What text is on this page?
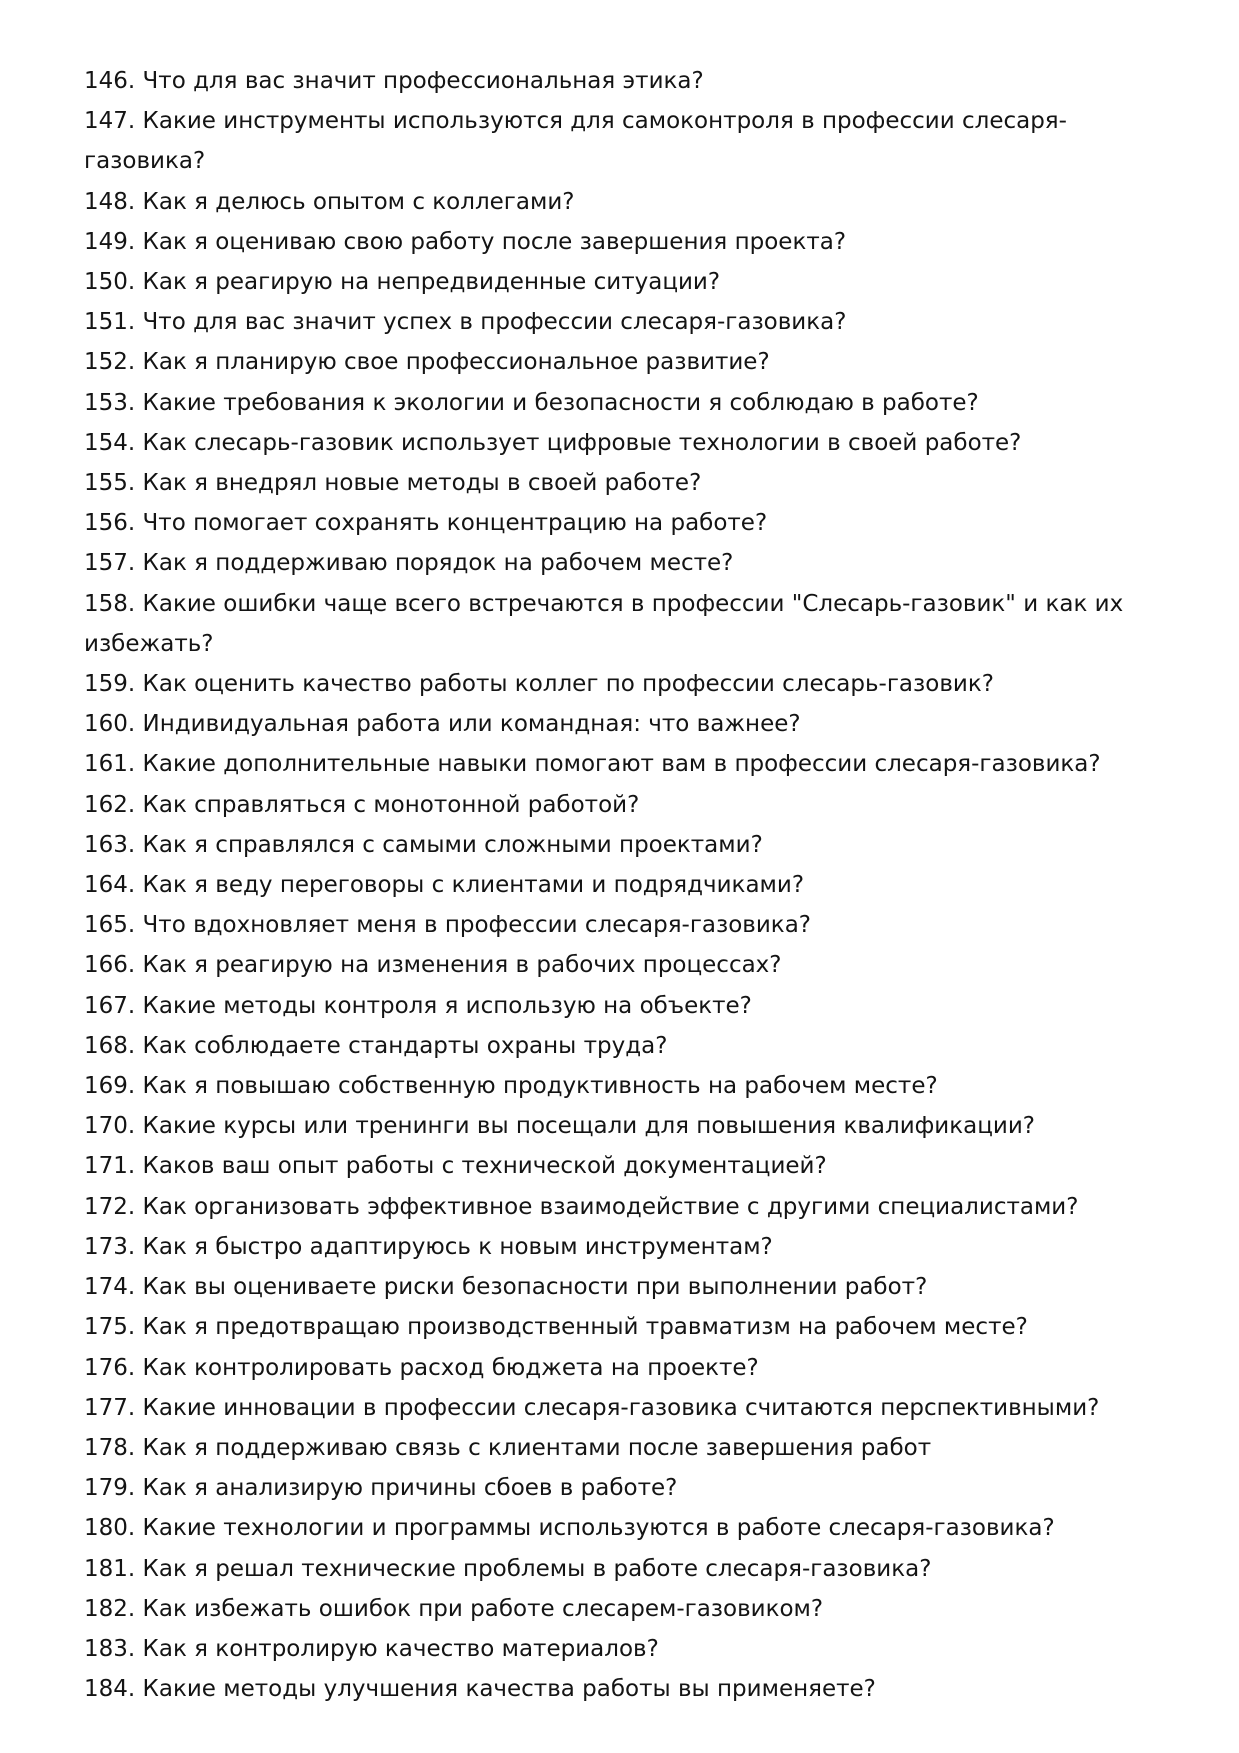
146. Что для вас значит профессиональная этика?
147. Какие инструменты используются для самоконтроля в профессии слесаря-газовика?
148. Как я делюсь опытом с коллегами?
149. Как я оцениваю свою работу после завершения проекта?
150. Как я реагирую на непредвиденные ситуации?
151. Что для вас значит успех в профессии слесаря-газовика?
152. Как я планирую свое профессиональное развитие?
153. Какие требования к экологии и безопасности я соблюдаю в работе?
154. Как слесарь-газовик использует цифровые технологии в своей работе?
155. Как я внедрял новые методы в своей работе?
156. Что помогает сохранять концентрацию на работе?
157. Как я поддерживаю порядок на рабочем месте?
158. Какие ошибки чаще всего встречаются в профессии "Слесарь-газовик" и как их избежать?
159. Как оценить качество работы коллег по профессии слесарь-газовик?
160. Индивидуальная работа или командная: что важнее?
161. Какие дополнительные навыки помогают вам в профессии слесаря-газовика?
162. Как справляться с монотонной работой?
163. Как я справлялся с самыми сложными проектами?
164. Как я веду переговоры с клиентами и подрядчиками?
165. Что вдохновляет меня в профессии слесаря-газовика?
166. Как я реагирую на изменения в рабочих процессах?
167. Какие методы контроля я использую на объекте?
168. Как соблюдаете стандарты охраны труда?
169. Как я повышаю собственную продуктивность на рабочем месте?
170. Какие курсы или тренинги вы посещали для повышения квалификации?
171. Каков ваш опыт работы с технической документацией?
172. Как организовать эффективное взаимодействие с другими специалистами?
173. Как я быстро адаптируюсь к новым инструментам?
174. Как вы оцениваете риски безопасности при выполнении работ?
175. Как я предотвращаю производственный травматизм на рабочем месте?
176. Как контролировать расход бюджета на проекте?
177. Какие инновации в профессии слесаря-газовика считаются перспективными?
178. Как я поддерживаю связь с клиентами после завершения работ
179. Как я анализирую причины сбоев в работе?
180. Какие технологии и программы используются в работе слесаря-газовика?
181. Как я решал технические проблемы в работе слесаря-газовика?
182. Как избежать ошибок при работе слесарем-газовиком?
183. Как я контролирую качество материалов?
184. Какие методы улучшения качества работы вы применяете?
